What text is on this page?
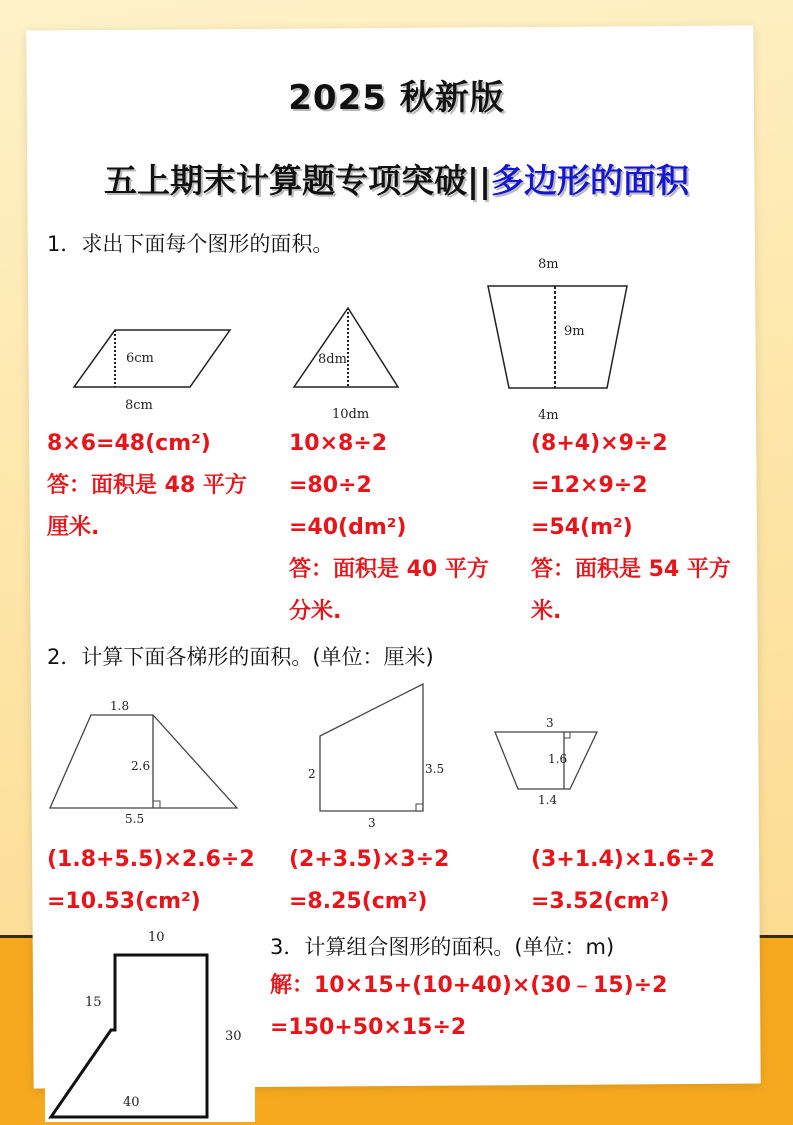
2025 秋新版
五上期末计算题专项突破||多边形的面积
1．求出下面每个图形的面积。
6cm
8cm
8dm
10dm
8m
9m
4m
8×6=48(cm²)
答：面积是 48 平方
厘米.
10×8÷2
=80÷2
=40(dm²)
答：面积是 40 平方
分米.
(8+4)×9÷2
=12×9÷2
=54(m²)
答：面积是 54 平方
米.
2．计算下面各梯形的面积。(单位：厘米)
1.8
2.6
5.5
2	3.5
3
3
1.6
1.4
(1.8+5.5)×2.6÷2
=10.53(cm²)
(2+3.5)×3÷2
=8.25(cm²)
(3+1.4)×1.6÷2
=3.52(cm²)
10
15
30
40
3．计算组合图形的面积。(单位：m)
解：10×15+(10+40)×(30﹣15)÷2
=150+50×15÷2
